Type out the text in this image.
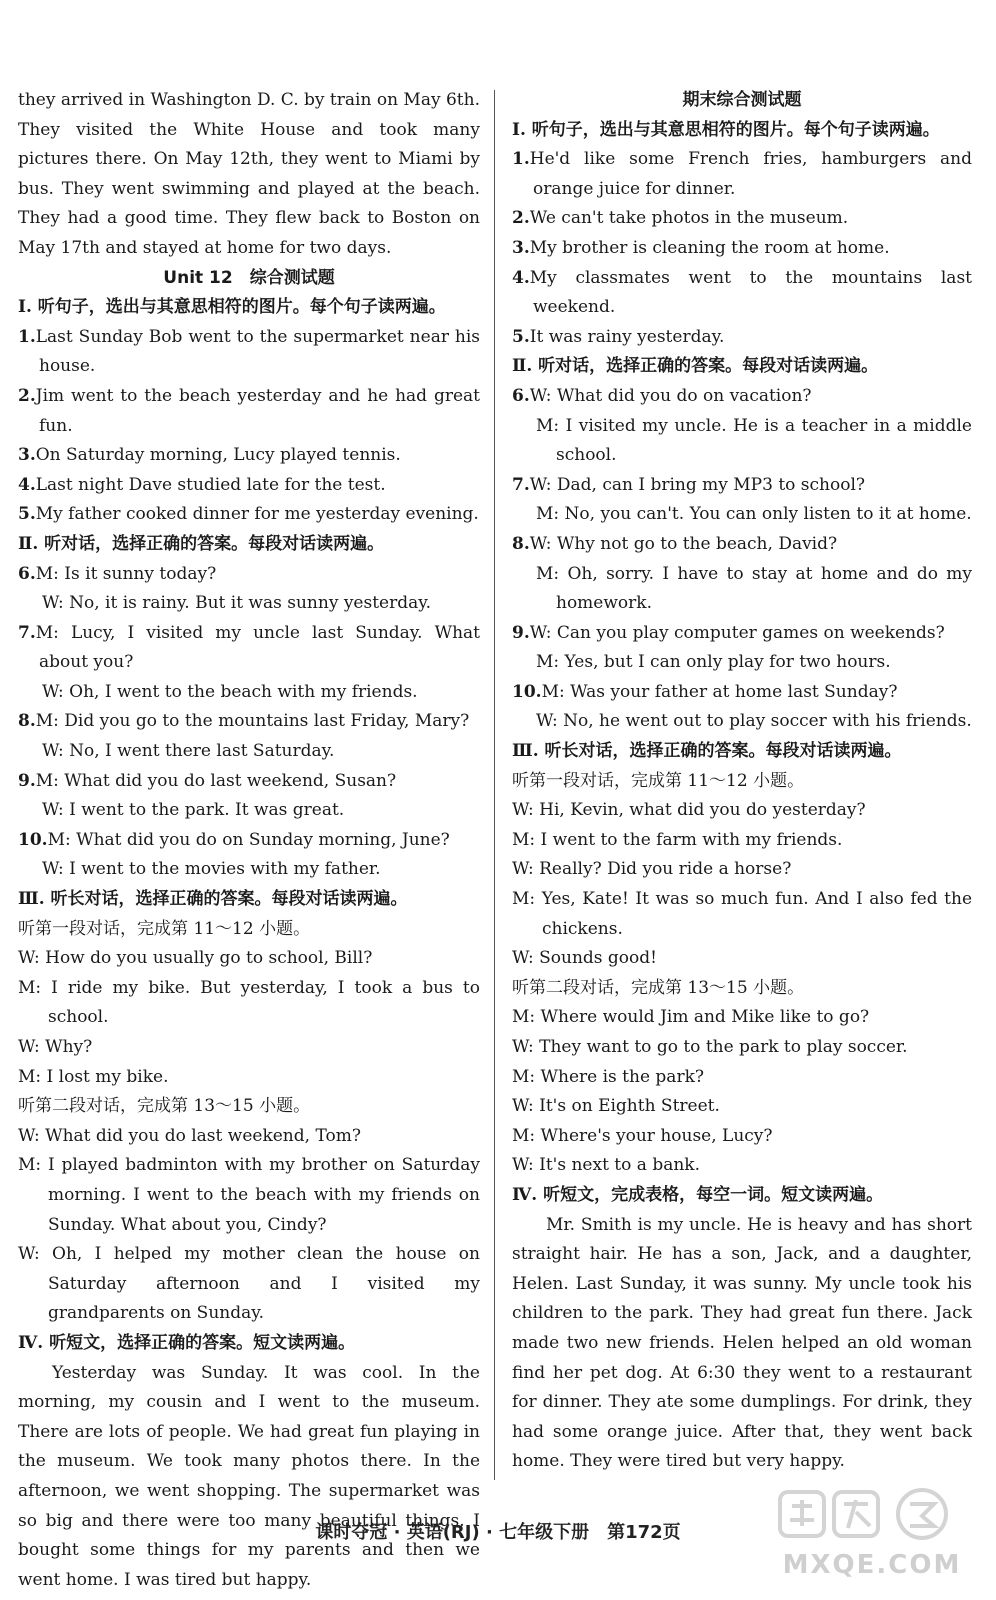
they arrived in Washington D. C. by train on May 6th. They visited the White House and took many pictures there. On May 12th, they went to Miami by bus. They went swimming and played at the beach. They had a good time. They flew back to Boston on May 17th and stayed at home for two days.

Unit 12　综合测试题

Ⅰ. 听句子，选出与其意思相符的图片。每个句子读两遍。

1.Last Sunday Bob went to the supermarket near his house.

2.Jim went to the beach yesterday and he had great fun.

3.On Saturday morning, Lucy played tennis.

4.Last night Dave studied late for the test.

5.My father cooked dinner for me yesterday evening.

Ⅱ. 听对话，选择正确的答案。每段对话读两遍。

6.M: Is it sunny today?

W: No, it is rainy. But it was sunny yesterday.

7.M: Lucy, I visited my uncle last Sunday. What about you?

W: Oh, I went to the beach with my friends.

8.M: Did you go to the mountains last Friday, Mary?

W: No, I went there last Saturday.

9.M: What did you do last weekend, Susan?

W: I went to the park. It was great.

10.M: What did you do on Sunday morning, June?

W: I went to the movies with my father.

Ⅲ. 听长对话，选择正确的答案。每段对话读两遍。

听第一段对话，完成第 11～12 小题。

W: How do you usually go to school, Bill?

M: I ride my bike. But yesterday, I took a bus to school.

W: Why?

M: I lost my bike.

听第二段对话，完成第 13～15 小题。

W: What did you do last weekend, Tom?

M: I played badminton with my brother on Saturday morning. I went to the beach with my friends on Sunday. What about you, Cindy?

W: Oh, I helped my mother clean the house on Saturday afternoon and I visited my grandparents on Sunday.

Ⅳ. 听短文，选择正确的答案。短文读两遍。

Yesterday was Sunday. It was cool. In the morning, my cousin and I went to the museum. There are lots of people. We had great fun playing in the museum. We took many photos there. In the afternoon, we went shopping. The supermarket was so big and there were too many beautiful things. I bought some things for my parents and then we went home. I was tired but happy.

期末综合测试题

Ⅰ. 听句子，选出与其意思相符的图片。每个句子读两遍。

1.He'd like some French fries, hamburgers and orange juice for dinner.

2.We can't take photos in the museum.

3.My brother is cleaning the room at home.

4.My classmates went to the mountains last weekend.

5.It was rainy yesterday.

Ⅱ. 听对话，选择正确的答案。每段对话读两遍。

6.W: What did you do on vacation?

M: I visited my uncle. He is a teacher in a middle school.

7.W: Dad, can I bring my MP3 to school?

M: No, you can't. You can only listen to it at home.

8.W: Why not go to the beach, David?

M: Oh, sorry. I have to stay at home and do my homework.

9.W: Can you play computer games on weekends?

M: Yes, but I can only play for two hours.

10.M: Was your father at home last Sunday?

W: No, he went out to play soccer with his friends.

Ⅲ. 听长对话，选择正确的答案。每段对话读两遍。

听第一段对话，完成第 11～12 小题。

W: Hi, Kevin, what did you do yesterday?

M: I went to the farm with my friends.

W: Really? Did you ride a horse?

M: Yes, Kate! It was so much fun. And I also fed the chickens.

W: Sounds good!

听第二段对话，完成第 13～15 小题。

M: Where would Jim and Mike like to go?

W: They want to go to the park to play soccer.

M: Where is the park?

W: It's on Eighth Street.

M: Where's your house, Lucy?

W: It's next to a bank.

Ⅳ. 听短文，完成表格，每空一词。短文读两遍。

Mr. Smith is my uncle. He is heavy and has short straight hair. He has a son, Jack, and a daughter, Helen. Last Sunday, it was sunny. My uncle took his children to the park. They had great fun there. Jack made two new friends. Helen helped an old woman find her pet dog. At 6:30 they went to a restaurant for dinner. They ate some dumplings. For drink, they had some orange juice. After that, they went back home. They were tired but very happy.

课时夺冠 · 英语(RJ) · 七年级下册　第172页
MXQE.COM
